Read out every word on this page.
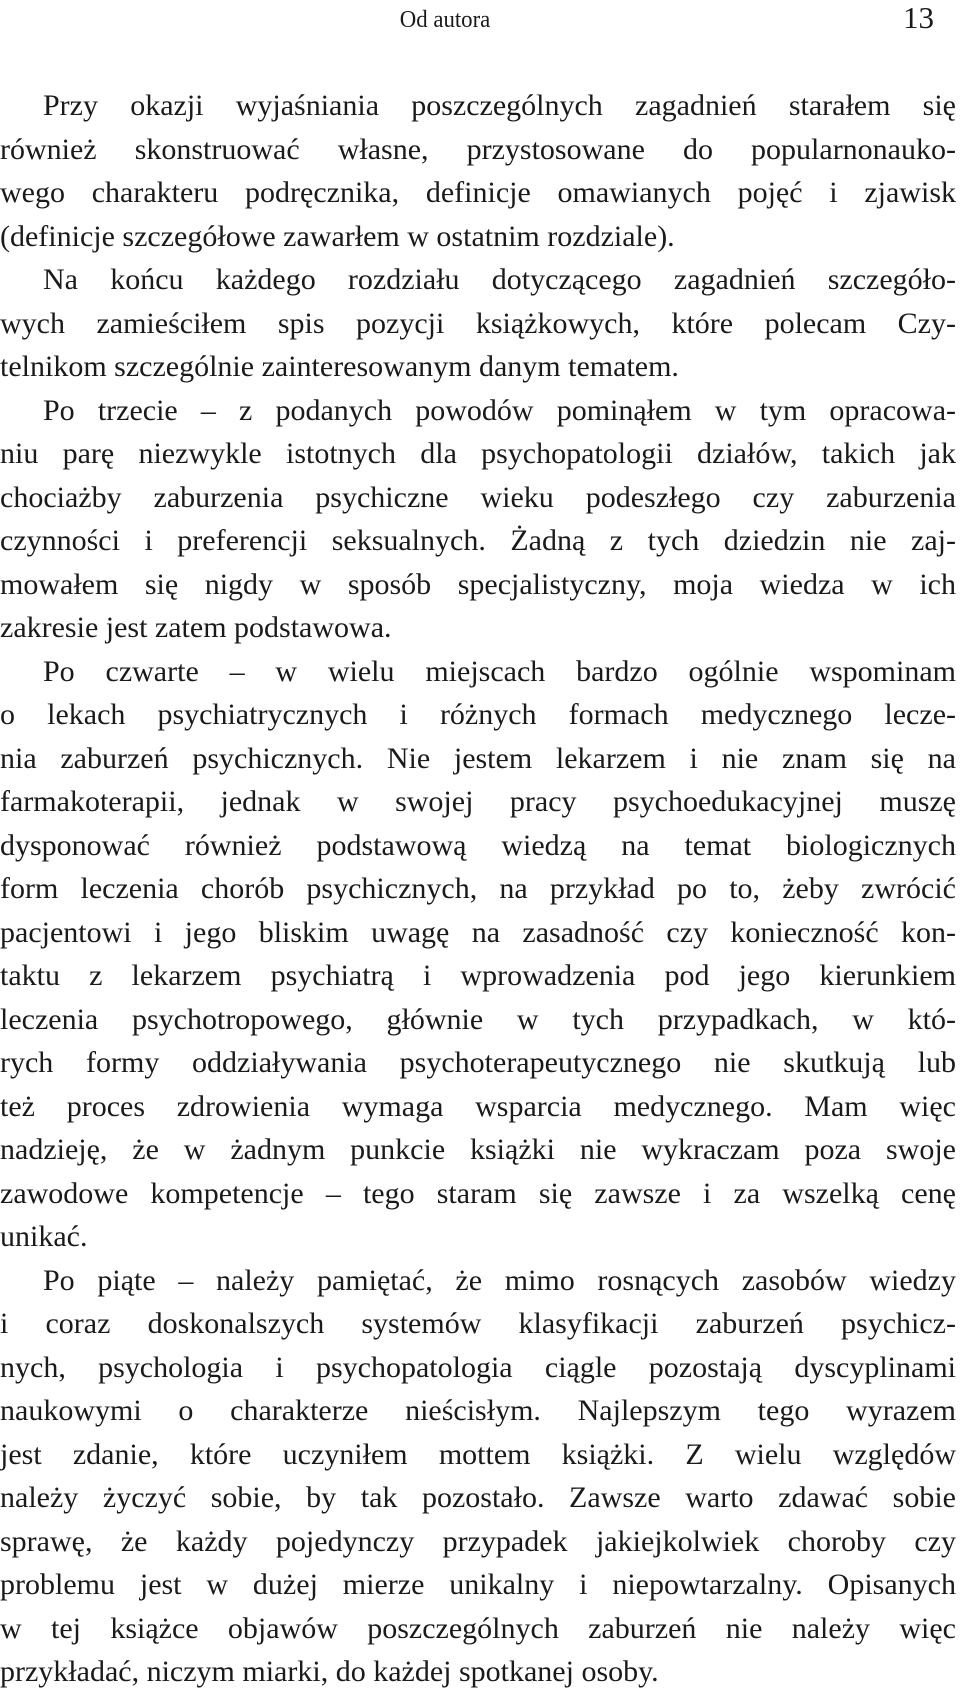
Od autora	13
Przy okazji wyjaśniania poszczególnych zagadnień starałem się
również skonstruować własne, przystosowane do popularnonauko-
wego charakteru podręcznika, definicje omawianych pojęć i zjawisk
(definicje szczegółowe zawarłem w ostatnim rozdziale).
Na końcu każdego rozdziału dotyczącego zagadnień szczegóło-
wych zamieściłem spis pozycji książkowych, które polecam Czy-
telnikom szczególnie zainteresowanym danym tematem.
Po trzecie – z podanych powodów pominąłem w tym opracowa-
niu parę niezwykle istotnych dla psychopatologii działów, takich jak
chociażby zaburzenia psychiczne wieku podeszłego czy zaburzenia
czynności i preferencji seksualnych. Żadną z tych dziedzin nie zaj-
mowałem się nigdy w sposób specjalistyczny, moja wiedza w ich
zakresie jest zatem podstawowa.
Po czwarte – w wielu miejscach bardzo ogólnie wspominam
o lekach psychiatrycznych i różnych formach medycznego lecze-
nia zaburzeń psychicznych. Nie jestem lekarzem i nie znam się na
farmakoterapii, jednak w swojej pracy psychoedukacyjnej muszę
dysponować również podstawową wiedzą na temat biologicznych
form leczenia chorób psychicznych, na przykład po to, żeby zwrócić
pacjentowi i jego bliskim uwagę na zasadność czy konieczność kon-
taktu z lekarzem psychiatrą i wprowadzenia pod jego kierunkiem
leczenia psychotropowego, głównie w tych przypadkach, w któ-
rych formy oddziaływania psychoterapeutycznego nie skutkują lub
też proces zdrowienia wymaga wsparcia medycznego. Mam więc
nadzieję, że w żadnym punkcie książki nie wykraczam poza swoje
zawodowe kompetencje – tego staram się zawsze i za wszelką cenę
unikać.
Po piąte – należy pamiętać, że mimo rosnących zasobów wiedzy
i coraz doskonalszych systemów klasyfikacji zaburzeń psychicz-
nych, psychologia i psychopatologia ciągle pozostają dyscyplinami
naukowymi o charakterze nieścisłym. Najlepszym tego wyrazem
jest zdanie, które uczyniłem mottem książki. Z wielu względów
należy życzyć sobie, by tak pozostało. Zawsze warto zdawać sobie
sprawę, że każdy pojedynczy przypadek jakiejkolwiek choroby czy
problemu jest w dużej mierze unikalny i niepowtarzalny. Opisanych
w tej książce objawów poszczególnych zaburzeń nie należy więc
przykładać, niczym miarki, do każdej spotkanej osoby.
